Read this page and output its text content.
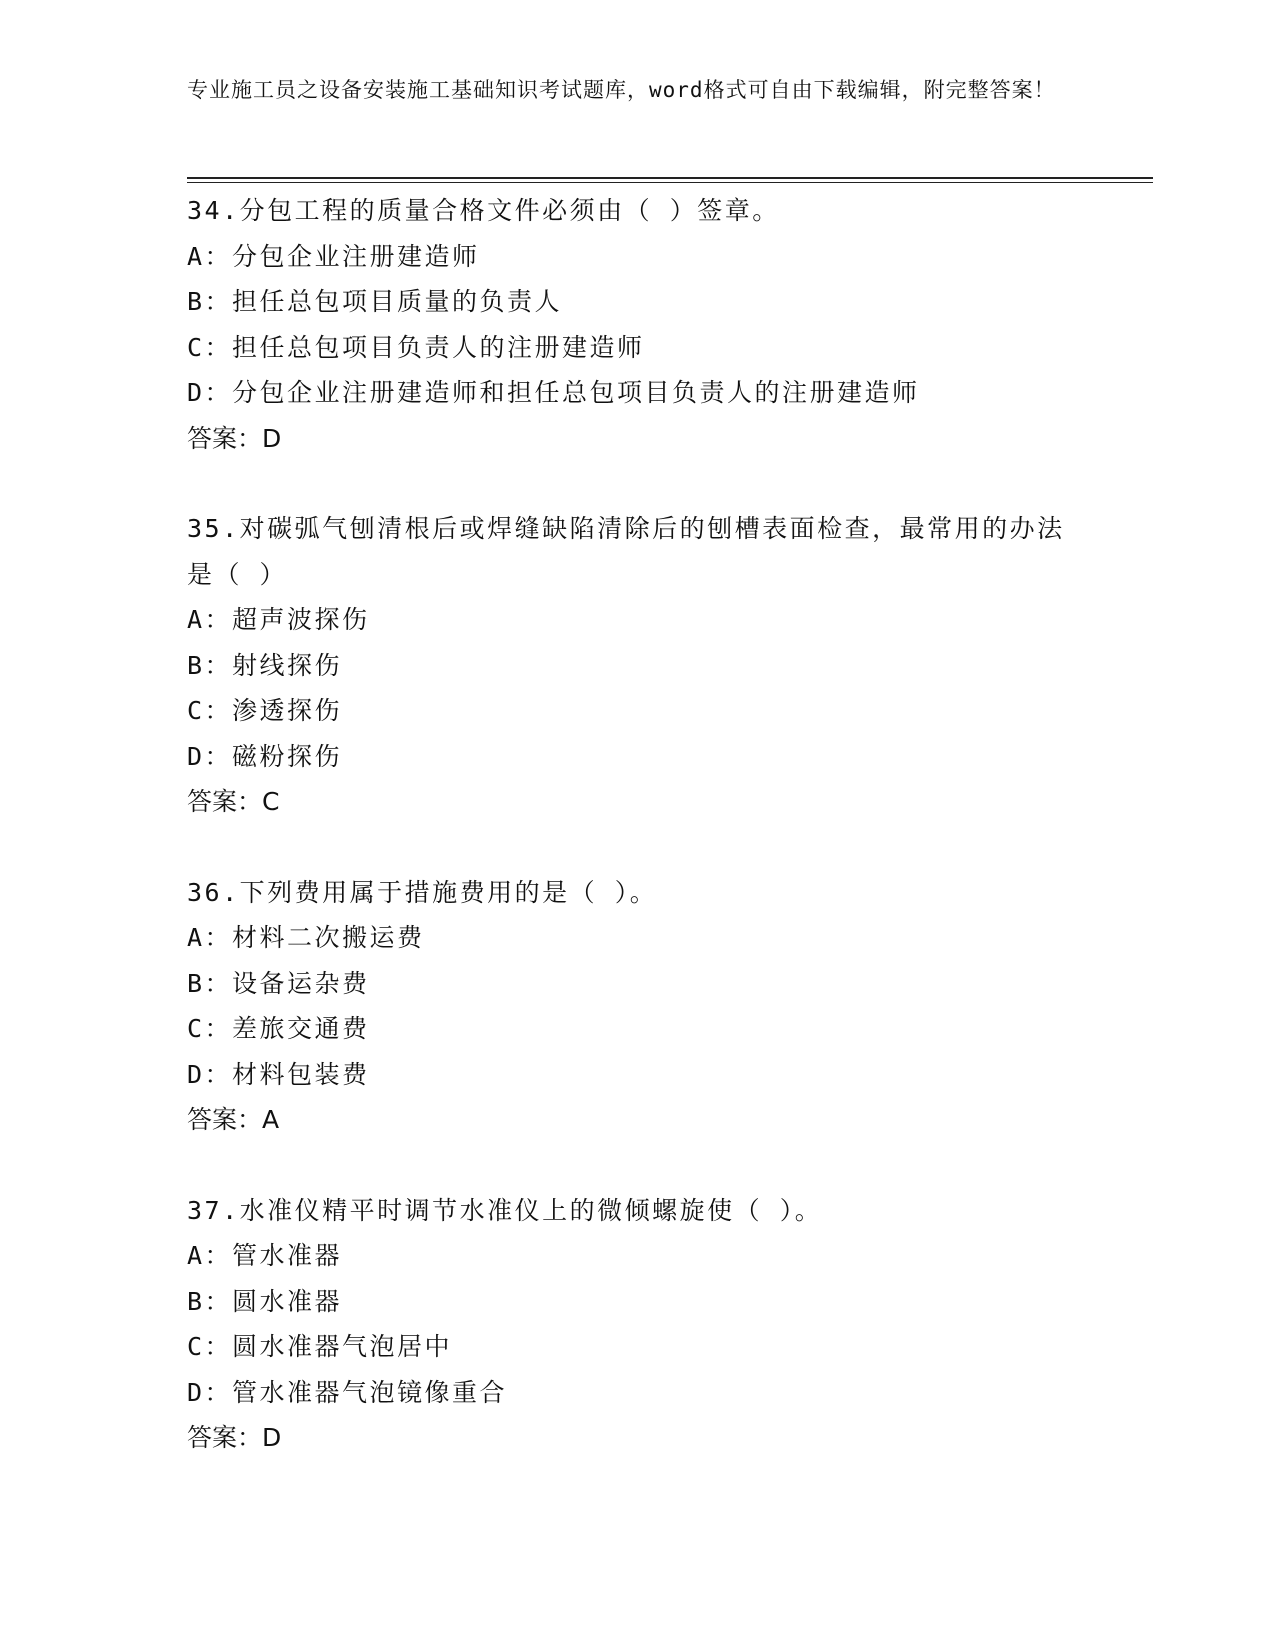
专业施工员之设备安装施工基础知识考试题库，word格式可自由下载编辑，附完整答案！

34.分包工程的质量合格文件必须由（ ）签章。

A：分包企业注册建造师

B：担任总包项目质量的负责人

C：担任总包项目负责人的注册建造师

D：分包企业注册建造师和担任总包项目负责人的注册建造师

答案：D

35.对碳弧气刨清根后或焊缝缺陷清除后的刨槽表面检查，最常用的办法是（ ）

A：超声波探伤

B：射线探伤

C：渗透探伤

D：磁粉探伤

答案：C

36.下列费用属于措施费用的是（ ）。

A：材料二次搬运费

B：设备运杂费

C：差旅交通费

D：材料包装费

答案：A

37.水准仪精平时调节水准仪上的微倾螺旋使（ ）。

A：管水准器

B：圆水准器

C：圆水准器气泡居中

D：管水准器气泡镜像重合

答案：D
